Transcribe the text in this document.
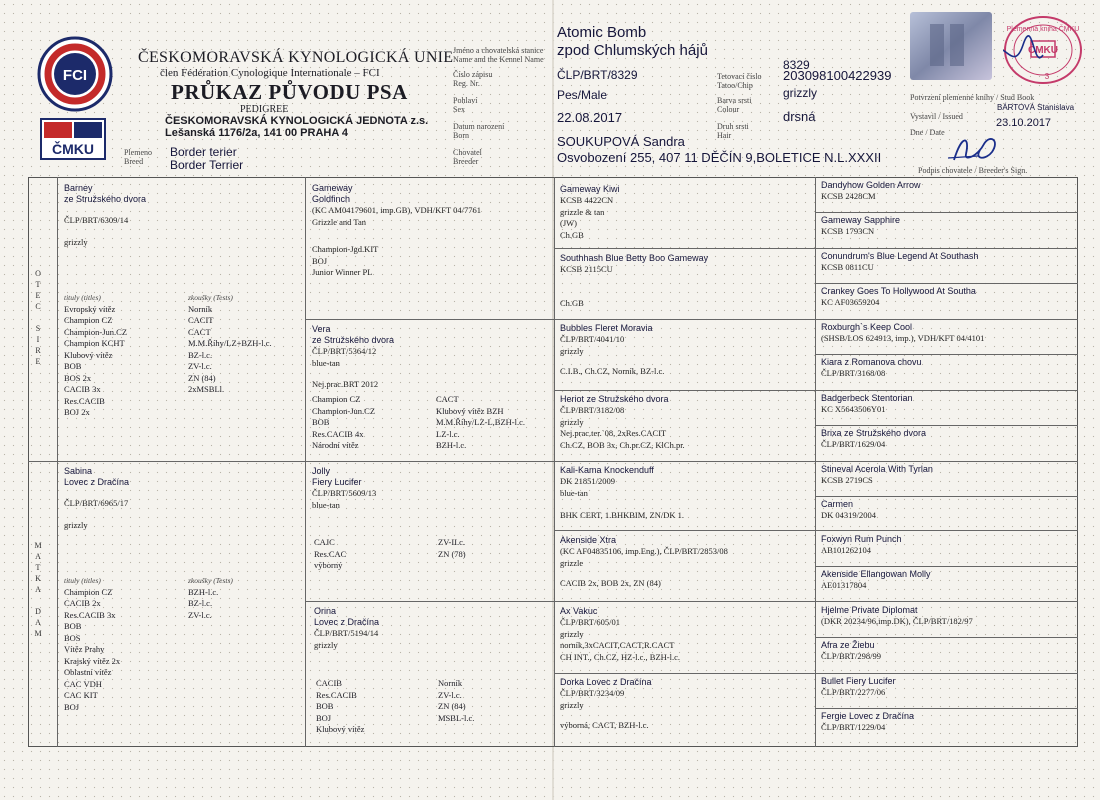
FCI
ČMKU
ČESKOMORAVSKÁ KYNOLOGICKÁ UNIE
člen Fédération Cynologique Internationale – FCI
PRŮKAZ PŮVODU PSA
PEDIGREE
ČESKOMORAVSKÁ KYNOLOGICKÁ JEDNOTA z.s.
Lešanská 1176/2a, 141 00 PRAHA 4
Plemeno
Breed
Border terier
Border Terrier
Jméno a chovatelská stanice
Name and the Kennel Name
Číslo zápisu
Reg. Nr.
Pohlaví
Sex
Datum narození
Born
Chovatel
Breeder
Atomic Bomb
zpod Chlumských hájů
ČLP/BRT/8329
Pes/Male
22.08.2017
SOUKUPOVÁ Sandra
Osvobození 255, 407 11 DĚČÍN 9,BOLETICE N.L.XXXII
Tetovací číslo
Tatoo/Chip
Barva srsti
Colour
Druh srsti
Hair
8329
203098100422939
grizzly
drsná
Plemenná kniha ČMKU
ČMKU
3
Potvrzení plemenné knihy / Stud Book
BÁRTOVÁ Stanislava
Vystavil / Issued
23.10.2017
Dne / Date
Podpis chovatele / Breeder's Sign.
O
T
E
C
S
I
R
E
M
A
T
K
A
D
A
M
Barney
ze Stružského dvora
ČLP/BRT/6309/14
grizzly
tituly (titles)
Evropský vítěz
Champion CZ
Champion-Jun.CZ
Champion KCHT
Klubový vítěz
BOB
BOS 2x
CACIB 3x
Res.CACIB
BOJ 2x
zkoušky (Tests)
Norník
CACIT
CACT
M.M.Říhy/LZ+BZH-l.c.
BZ-l.c.
ZV-l.c.
ZN (84)
2xMSBLl.
Sabina
Lovec z Dračína
ČLP/BRT/6965/17
grizzly
tituly (titles)
Champion CZ
CACIB 2x
Res.CACIB 3x
BOB
BOS
Vítěz Prahy
Krajský vítěz 2x
Oblastní vítěz
CAC VDH
CAC KIT
BOJ
zkoušky (Tests)
BZH-l.c.
BZ-l.c.
ZV-l.c.
Gameway
Goldfinch
(KC AM04179601, imp.GB), VDH/KFT 04/7761
Grizzle and Tan
Champion-Jgd.KIT
BOJ
Junior Winner PL
Vera
ze Stružského dvora
ČLP/BRT/5364/12
blue-tan
Nej.prac.BRT 2012
Champion CZ
Champion-Jun.CZ
BOB
Res.CACIB 4x
Národní vítěz
CACT
Klubový vítěz BZH
M.M.Říhy/LZ-L,BZH-l.c.
LZ-l.c.
BZH-l.c.
Jolly
Fiery Lucifer
ČLP/BRT/5609/13
blue-tan
CAJC
Res.CAC
výborný
ZV-II.c.
ZN (78)
Orina
Lovec z Dračína
ČLP/BRT/5194/14
grizzly
CACIB
Res.CACIB
BOB
BOJ
Klubový vítěz
Norník
ZV-l.c.
ZN (84)
MSBL-l.c.
Gameway Kiwi
KCSB 4422CN
grizzle & tan
(JW)
Ch.GB
Southhash Blue Betty Boo Gameway
KCSB 2115CU
Ch.GB
Bubbles Fleret Moravia
ČLP/BRT/4041/10
grizzly
C.I.B., Ch.CZ, Norník, BZ-l.c.
Heriot ze Stružského dvora
ČLP/BRT/3182/08
grizzly
Nej.prac.ter.`08, 2xRes.CACIT
Ch.CZ, BOB 3x, Ch.pr.CZ, KlCh.pr.
Kali-Kama Knockenduff
DK 21851/2009
blue-tan
BHK CERT, 1.BHKBIM, ZN/DK 1.
Akenside Xtra
(KC AF04835106, imp.Eng.), ČLP/BRT/2853/08
grizzle
CACIB 2x, BOB 2x, ZN (84)
Ax Vakuc
ČLP/BRT/605/01
grizzly
norník,3xCACIT,CACT,R.CACT
CH INT., Ch.CZ, HZ-l.c., BZH-l.c.
Dorka Lovec z Dračína
ČLP/BRT/3234/09
grizzly
výborná, CACT, BZH-l.c.
Dandyhow Golden Arrow
KCSB 2428CM
Gameway Sapphire
KCSB 1793CN
Conundrum's Blue Legend At Southash
KCSB 0811CU
Crankey Goes To Hollywood At Southa
KC AF03659204
Roxburgh`s Keep Cool
(SHSB/LOS 624913, imp.), VDH/KFT 04/4101
Kiara z Romanova chovu
ČLP/BRT/3168/08
Badgerbeck Stentorian
KC X5643506Y01
Brixa ze Stružského dvora
ČLP/BRT/1629/04
Stineval Acerola With Tyrlan
KCSB 2719CS
Carmen
DK 04319/2004
Foxwyn Rum Punch
AB101262104
Akenside Ellangowan Molly
AE01317804
Hjelme Private Diplomat
(DKR 20234/96,imp.DK), ČLP/BRT/182/97
Afra ze Žiebu
ČLP/BRT/298/99
Bullet Fiery Lucifer
ČLP/BRT/2277/06
Fergie Lovec z Dračína
ČLP/BRT/1229/04
